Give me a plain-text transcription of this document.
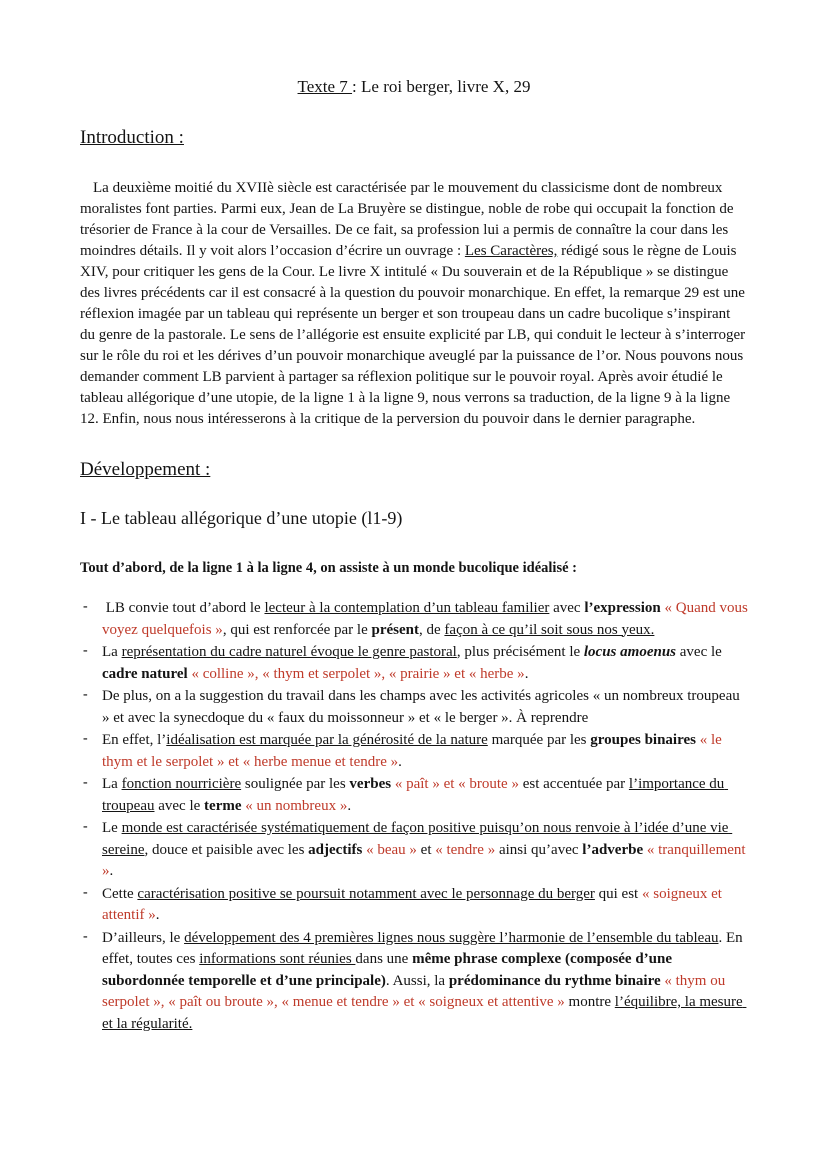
Texte 7 : Le roi berger, livre X, 29
Introduction :
La deuxième moitié du XVIIè siècle est caractérisée par le mouvement du classicisme dont de nombreux moralistes font parties. Parmi eux, Jean de La Bruyère se distingue, noble de robe qui occupait la fonction de trésorier de France à la cour de Versailles. De ce fait, sa profession lui a permis de connaître la cour dans les moindres détails. Il y voit alors l’occasion d’écrire un ouvrage : Les Caractères, rédigé sous le règne de Louis XIV, pour critiquer les gens de la Cour. Le livre X intitulé « Du souverain et de la République » se distingue des livres précédents car il est consacré à la question du pouvoir monarchique. En effet, la remarque 29 est une réflexion imagée par un tableau qui représente un berger et son troupeau dans un cadre bucolique s’inspirant du genre de la pastorale. Le sens de l’allégorie est ensuite explicité par LB, qui conduit le lecteur à s’interroger sur le rôle du roi et les dérives d’un pouvoir monarchique aveuglé par la puissance de l’or. Nous pouvons nous demander comment LB parvient à partager sa réflexion politique sur le pouvoir royal. Après avoir étudié le tableau allégorique d’une utopie, de la ligne 1 à la ligne 9, nous verrons sa traduction, de la ligne 9 à la ligne 12. Enfin, nous nous intéresserons à la critique de la perversion du pouvoir dans le dernier paragraphe.
Développement :
I - Le tableau allégorique d’une utopie (l1-9)
Tout d’abord, de la ligne 1 à la ligne 4, on assiste à un monde bucolique idéalisé :
- LB convie tout d’abord le lecteur à la contemplation d’un tableau familier avec l’expression « Quand vous voyez quelquefois », qui est renforcée par le présent, de façon à ce qu’il soit sous nos yeux.
- La représentation du cadre naturel évoque le genre pastoral, plus précisément le locus amoenus avec le cadre naturel « colline », « thym et serpolet », « prairie » et « herbe ».
- De plus, on a la suggestion du travail dans les champs avec les activités agricoles « un nombreux troupeau » et avec la synecdoque du « faux du moissonneur » et « le berger ». À reprendre
- En effet, l’idéalisation est marquée par la générosité de la nature marquée par les groupes binaires « le thym et le serpolet » et « herbe menue et tendre ».
- La fonction nourricière soulignée par les verbes « paît » et « broute » est accentuée par l’importance du troupeau avec le terme « un nombreux ».
- Le monde est caractérisée systématiquement de façon positive puisqu’on nous renvoie à l’idée d’une vie sereine, douce et paisible avec les adjectifs « beau » et « tendre » ainsi qu’avec l’adverbe « tranquillement ».
- Cette caractérisation positive se poursuit notamment avec le personnage du berger qui est « soigneux et attentif ».
- D’ailleurs, le développement des 4 premières lignes nous suggère l’harmonie de l’ensemble du tableau. En effet, toutes ces informations sont réunies dans une même phrase complexe (composée d’une subordonnée temporelle et d’une principale). Aussi, la prédominance du rythme binaire « thym ou serpolet », « paît ou broute », « menue et tendre » et « soigneux et attentive » montre l’équilibre, la mesure et la régularité.
